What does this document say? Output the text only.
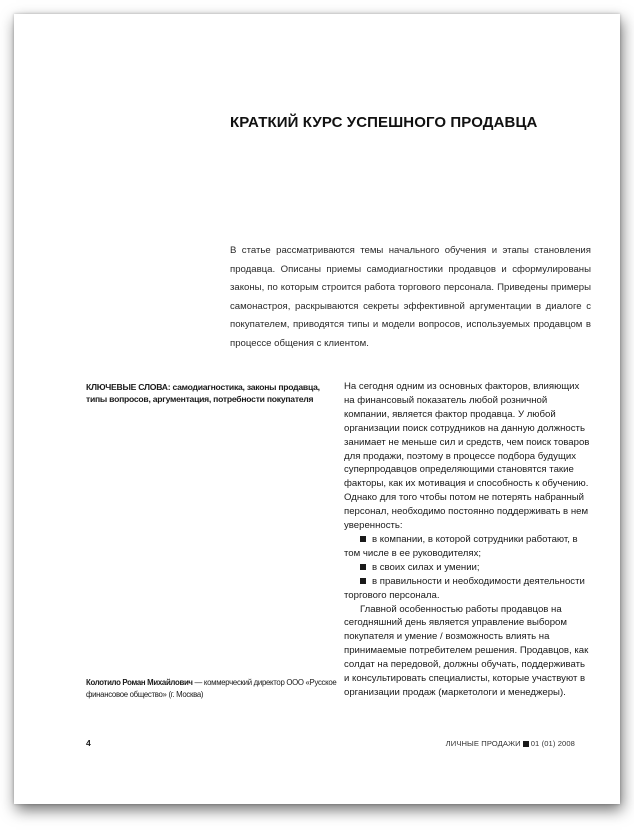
КРАТКИЙ КУРС УСПЕШНОГО ПРОДАВЦА

В статье рассматриваются темы начального обучения и этапы становления продавца. Описаны приемы самодиагностики продавцов и сформулированы законы, по которым строится работа торгового персонала. Приведены примеры самонастроя, раскрываются секреты эффективной аргументации в диалоге с покупателем, приводятся типы и модели вопросов, используемых продавцом в процессе общения с клиентом.

КЛЮЧЕВЫЕ СЛОВА: самодиагностика, законы продавца, типы вопросов, аргументация, потребности покупателя

На сегодня одним из основных факторов, влияющих на финансовый показатель любой розничной компании, является фактор продавца. У любой организации поиск сотрудников на данную должность занимает не меньше сил и средств, чем поиск товаров для продажи, поэтому в процессе подбора будущих суперпродавцов определяющими становятся такие факторы, как их мотивация и способность к обучению. Однако для того чтобы потом не потерять набранный персонал, необходимо постоянно поддерживать в нем уверенность:

в компании, в которой сотрудники работают, в том числе в ее руководителях;

в своих силах и умении;

в правильности и необходимости деятельности торгового персонала.

Главной особенностью работы продавцов на сегодняшний день является управление выбором покупателя и умение / возможность влиять на принимаемые потребителем решения. Продавцов, как солдат на передовой, должны обучать, поддерживать и консультировать специалисты, которые участвуют в организации продаж (маркетологи и менеджеры).

Колотило Роман Михайлович — коммерческий директор ООО «Русское финансовое общество» (г. Москва)

4	ЛИЧНЫЕ ПРОДАЖИ 01 (01) 2008
